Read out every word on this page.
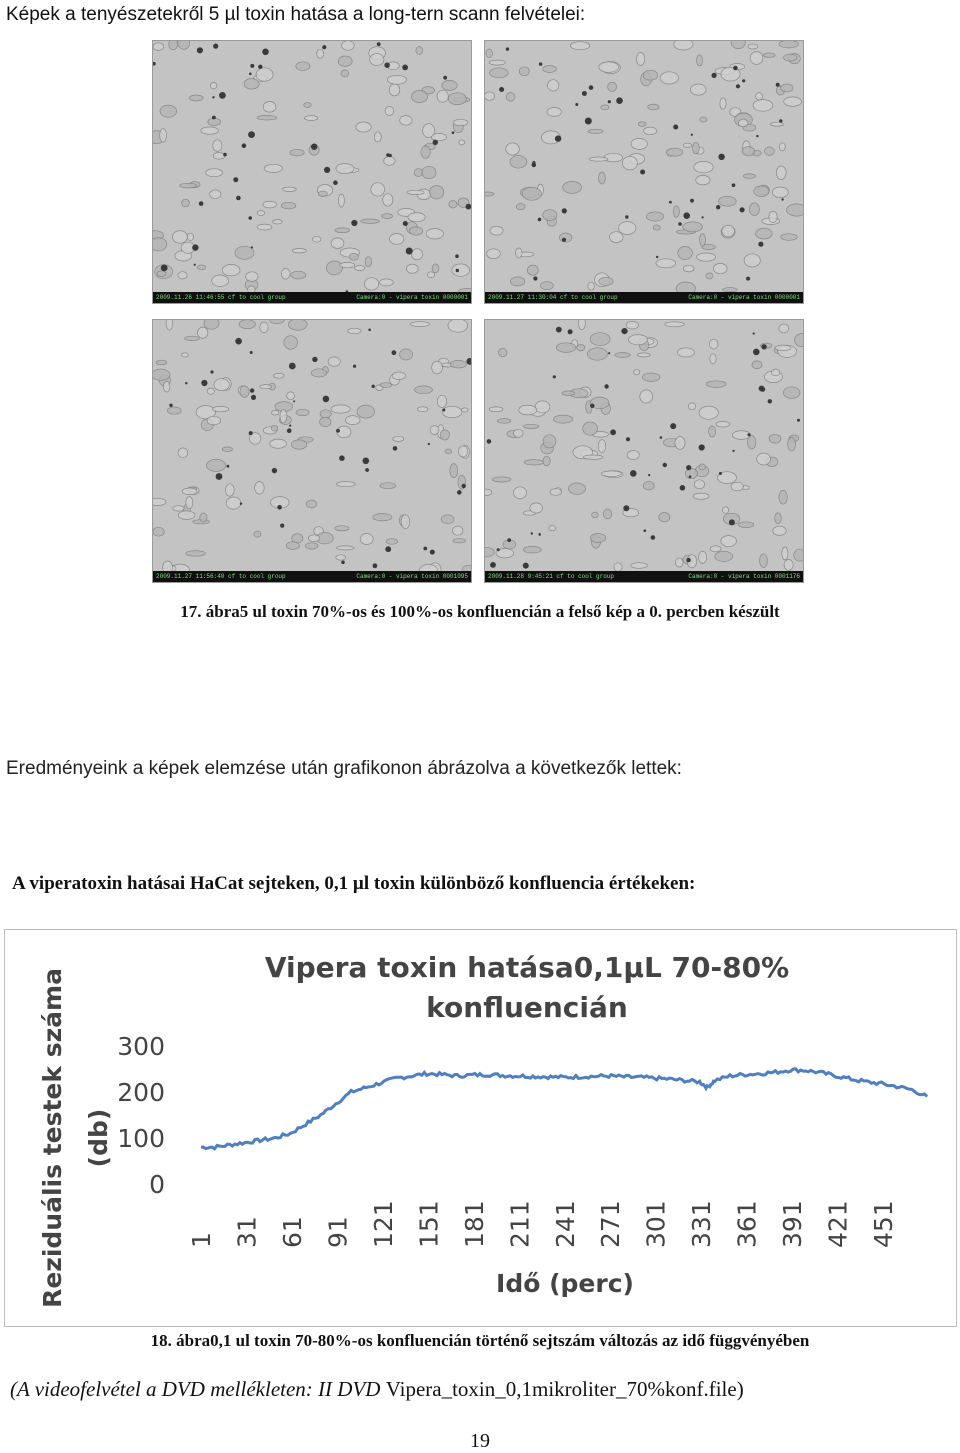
Képek a tenyészetekről 5 µl toxin hatása a long-tern scann felvételei:
2009.11.26 11:46:55 cf to cool group	Camera:0 - vipera toxin 0000001	2009.11.27 11:30:04 cf to cool group	Camera:0 - vipera toxin 0000001
2009.11.27 11:56:40 cf to cool group	Camera:0 - vipera toxin 0001095	2009.11.28 9:45:21 cf to cool group	Camera:0 - vipera toxin 0001176
17. ábra5 ul toxin 70%-os és 100%-os konfluencián a felső kép a 0. percben készült
Eredményeink a képek elemzése után grafikonon ábrázolva a következők lettek:
A viperatoxin hatásai HaCat sejteken, 0,1 µl toxin különböző konfluencia értékeken:
Vipera toxin hatása0,1µL 70-80%
konfluencián
Reziduális testek száma (db)
Idő (perc)
0
100
200
300
1 31 61 91 121 151 181 211 241 271 301 331 361 391 421 451
18. ábra0,1 ul toxin 70-80%-os konfluencián történő sejtszám változás az idő függvényében
(A videofelvétel a DVD mellékleten: II DVD Vipera_toxin_0,1mikroliter_70%konf.file)
19
